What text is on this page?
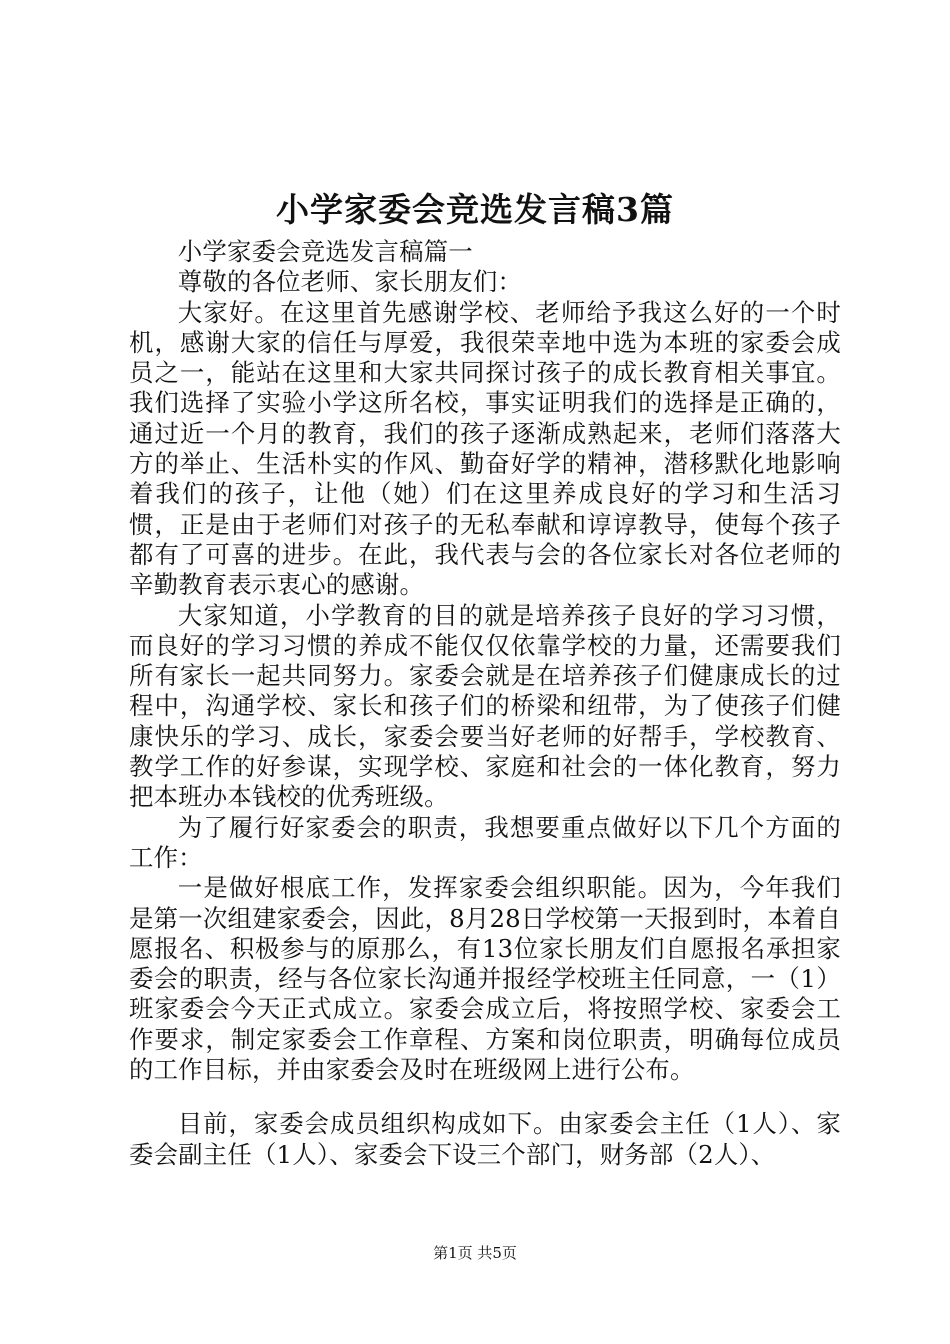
小学家委会竞选发言稿3篇

小学家委会竞选发言稿篇一

尊敬的各位老师、家长朋友们：

大家好。在这里首先感谢学校、老师给予我这么好的一个时机，感谢大家的信任与厚爱，我很荣幸地中选为本班的家委会成员之一，能站在这里和大家共同探讨孩子的成长教育相关事宜。我们选择了实验小学这所名校，事实证明我们的选择是正确的，通过近一个月的教育，我们的孩子逐渐成熟起来，老师们落落大方的举止、生活朴实的作风、勤奋好学的精神，潜移默化地影响着我们的孩子，让他（她）们在这里养成良好的学习和生活习惯，正是由于老师们对孩子的无私奉献和谆谆教导，使每个孩子都有了可喜的进步。在此，我代表与会的各位家长对各位老师的辛勤教育表示衷心的感谢。

大家知道，小学教育的目的就是培养孩子良好的学习习惯，而良好的学习习惯的养成不能仅仅依靠学校的力量，还需要我们所有家长一起共同努力。家委会就是在培养孩子们健康成长的过程中，沟通学校、家长和孩子们的桥梁和纽带，为了使孩子们健康快乐的学习、成长，家委会要当好老师的好帮手，学校教育、教学工作的好参谋，实现学校、家庭和社会的一体化教育，努力把本班办本钱校的优秀班级。

为了履行好家委会的职责，我想要重点做好以下几个方面的工作：

一是做好根底工作，发挥家委会组织职能。因为，今年我们是第一次组建家委会，因此，8月28日学校第一天报到时，本着自愿报名、积极参与的原那么，有13位家长朋友们自愿报名承担家委会的职责，经与各位家长沟通并报经学校班主任同意，一（1）班家委会今天正式成立。家委会成立后，将按照学校、家委会工作要求，制定家委会工作章程、方案和岗位职责，明确每位成员的工作目标，并由家委会及时在班级网上进行公布。

目前，家委会成员组织构成如下。由家委会主任（1人）、家委会副主任（1人）、家委会下设三个部门，财务部（2人）、

第1页 共5页
